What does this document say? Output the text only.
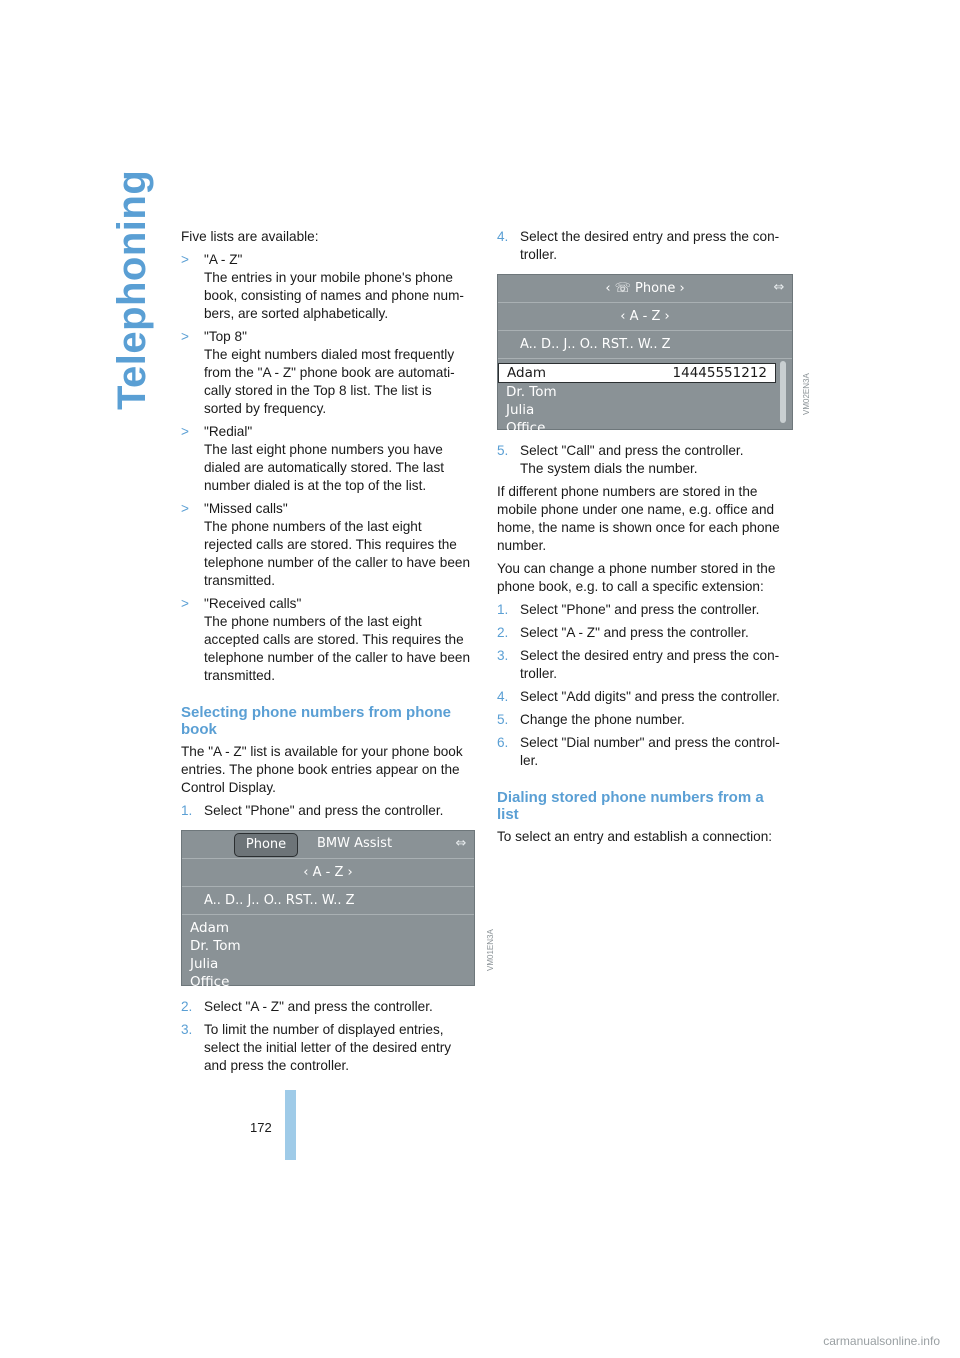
Telephoning Five lists are available:

>	"A - Z"
The entries in your mobile phone's phone
book, consisting of names and phone num-
bers, are sorted alphabetically.
>	"Top 8"
The eight numbers dialed most frequently
from the "A - Z" phone book are automati-
cally stored in the Top 8 list. The list is
sorted by frequency.
>	"Redial"
The last eight phone numbers you have
dialed are automatically stored. The last
number dialed is at the top of the list.
>	"Missed calls"
The phone numbers of the last eight
rejected calls are stored. This requires the
telephone number of the caller to have been
transmitted.
>	"Received calls"
The phone numbers of the last eight
accepted calls are stored. This requires the
telephone number of the caller to have been
transmitted.
Selecting phone numbers from phone
book

The "A - Z" list is available for your phone book
entries. The phone book entries appear on the
Control Display.

1. Select "Phone" and press the controller.
Phone	BMW Assist	⇔
‹ A - Z ›
A.. D.. J.. O.. RST.. W.. Z
Adam
Dr. Tom
Julia
Office
VM01EN3A
2. Select "A - Z" and press the controller.
3. To limit the number of displayed entries,
select the initial letter of the desired entry
and press the controller.
4. Select the desired entry and press the con-
troller.
‹ ☏ Phone ›	⇔
‹ A - Z ›
A.. D.. J.. O.. RST.. W.. Z
Adam	14445551212
Dr. Tom
Julia
Office
VM02EN3A
5. Select "Call" and press the controller.
The system dials the number.

If different phone numbers are stored in the
mobile phone under one name, e.g. office and
home, the name is shown once for each phone
number.

You can change a phone number stored in the
phone book, e.g. to call a specific extension:

1. Select "Phone" and press the controller.
2. Select "A - Z" and press the controller.
3. Select the desired entry and press the con-
troller.
4. Select "Add digits" and press the controller.
5. Change the phone number.
6. Select "Dial number" and press the control-
ler.
Dialing stored phone numbers from a
list

To select an entry and establish a connection:

172
carmanualsonline.info
